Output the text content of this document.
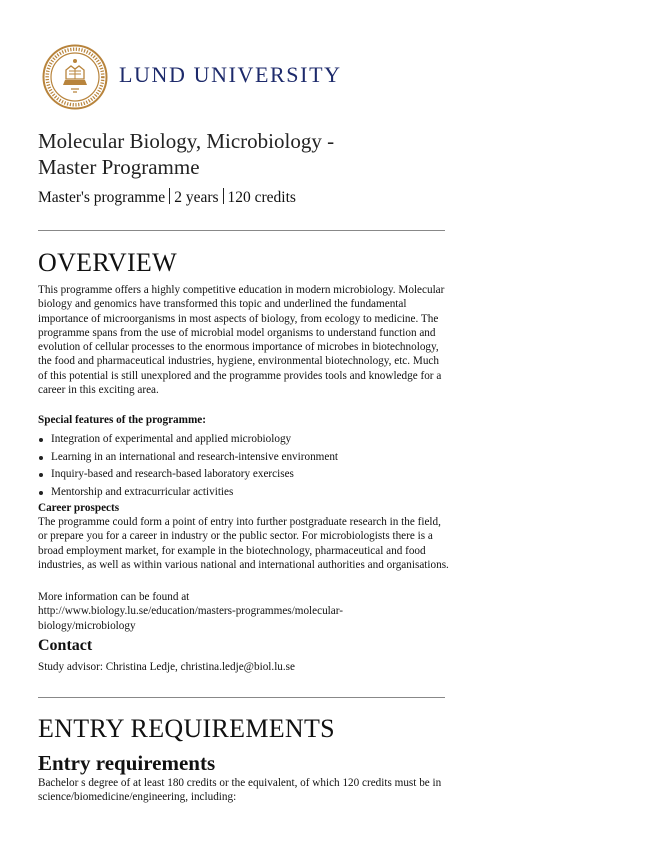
LUND UNIVERSITY
Molecular Biology, Microbiology -
Master Programme
Master's programme 2 years 120 credits
OVERVIEW
This programme offers a highly competitive education in modern microbiology. Molecular biology and genomics have transformed this topic and underlined the fundamental importance of microorganisms in most aspects of biology, from ecology to medicine. The programme spans from the use of microbial model organisms to understand function and evolution of cellular processes to the enormous importance of microbes in biotechnology, the food and pharmaceutical industries, hygiene, environmental biotechnology, etc. Much of this potential is still unexplored and the programme provides tools and knowledge for a career in this exciting area.
Special features of the programme:
Integration of experimental and applied microbiology
Learning in an international and research-intensive environment
Inquiry-based and research-based laboratory exercises
Mentorship and extracurricular activities
Career prospects
The programme could form a point of entry into further postgraduate research in the field, or prepare you for a career in industry or the public sector. For microbiologists there is a broad employment market, for example in the biotechnology, pharmaceutical and food industries, as well as within various national and international authorities and organisations.
More information can be found at
http://www.biology.lu.se/education/masters-programmes/molecular-biology/microbiology
Contact
Study advisor: Christina Ledje, christina.ledje@biol.lu.se
ENTRY REQUIREMENTS
Entry requirements
Bachelor s degree of at least 180 credits or the equivalent, of which 120 credits must be in science/biomedicine/engineering, including:
